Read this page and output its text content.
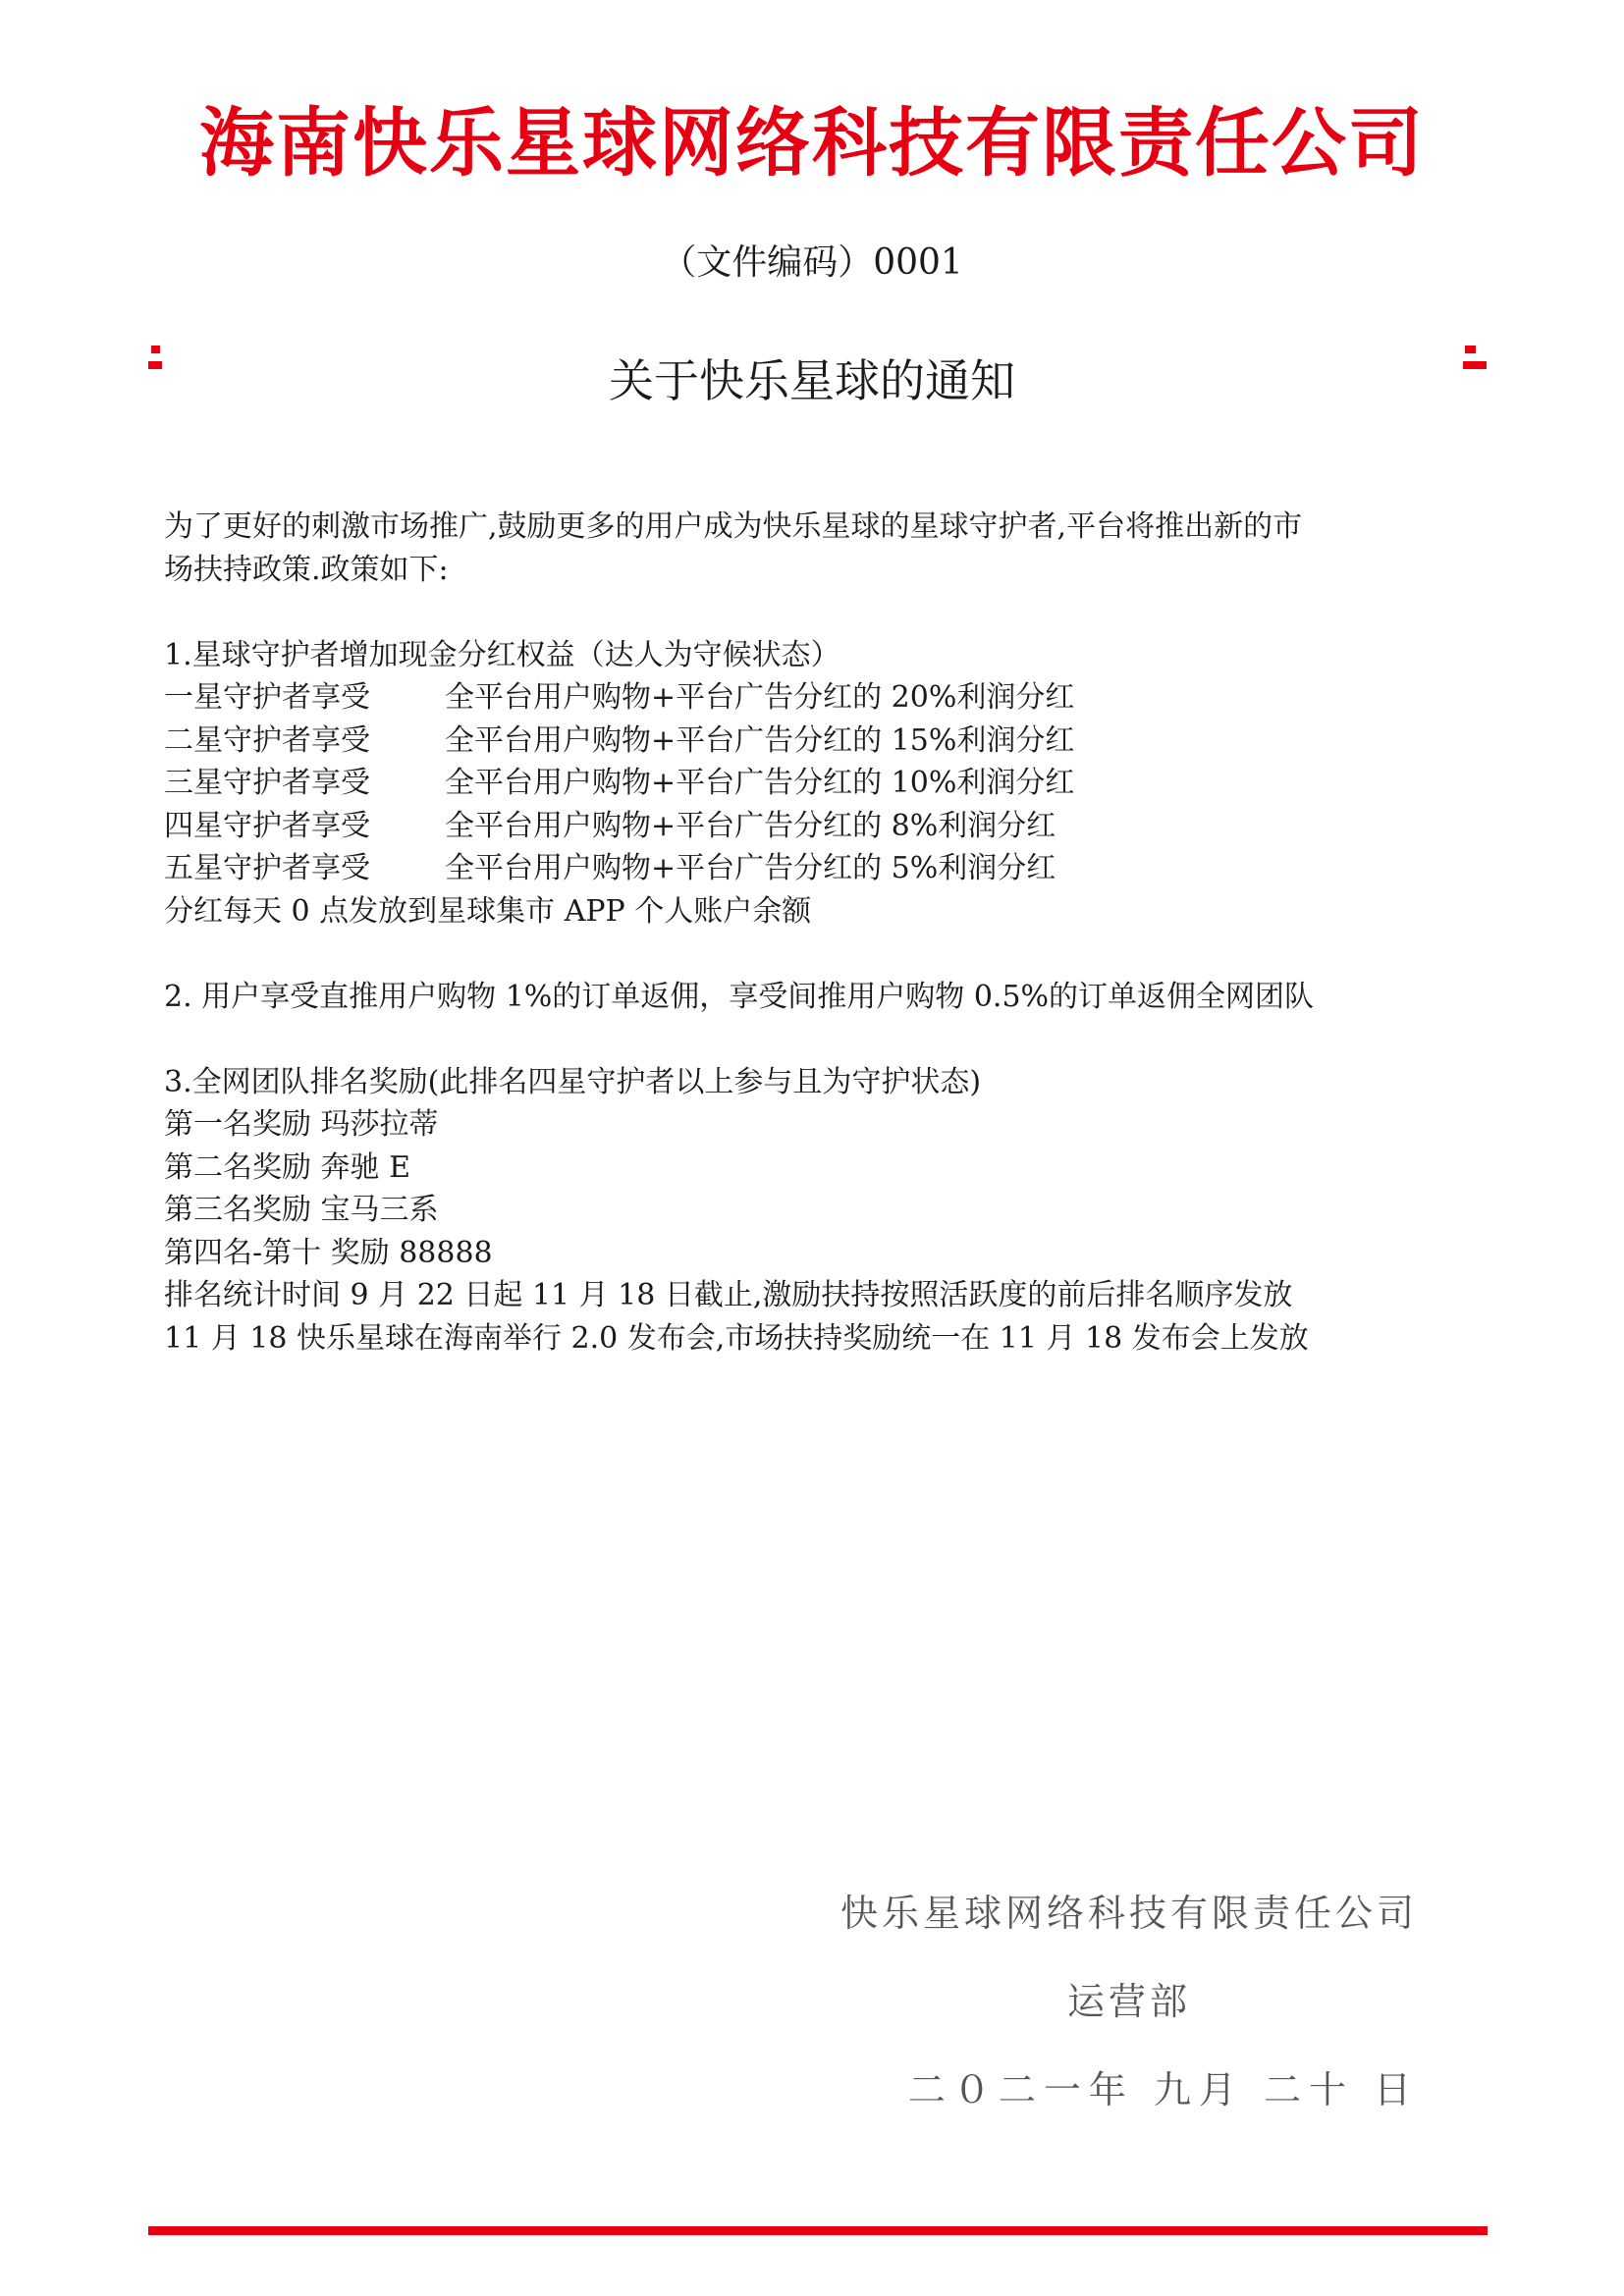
海南快乐星球网络科技有限责任公司
（文件编码）0001
关于快乐星球的通知

为了更好的刺激市场推广,鼓励更多的用户成为快乐星球的星球守护者,平台将推出新的市

场扶持政策.政策如下:

1.星球守护者增加现金分红权益（达人为守候状态）

一星守护者享受	全平台用户购物+平台广告分红的 20%利润分红
二星守护者享受	全平台用户购物+平台广告分红的 15%利润分红
三星守护者享受	全平台用户购物+平台广告分红的 10%利润分红
四星守护者享受	全平台用户购物+平台广告分红的 8%利润分红
五星守护者享受	全平台用户购物+平台广告分红的 5%利润分红

分红每天 0 点发放到星球集市 APP 个人账户余额

2. 用户享受直推用户购物 1%的订单返佣，享受间推用户购物 0.5%的订单返佣全网团队

3.全网团队排名奖励(此排名四星守护者以上参与且为守护状态)

第一名奖励 玛莎拉蒂

第二名奖励 奔驰 E

第三名奖励 宝马三系

第四名-第十 奖励 88888

排名统计时间 9 月 22 日起 11 月 18 日截止,激励扶持按照活跃度的前后排名顺序发放

11 月 18 快乐星球在海南举行 2.0 发布会,市场扶持奖励统一在 11 月 18 发布会上发放

快乐星球网络科技有限责任公司
运营部
二０二一年 九月 二十 日
